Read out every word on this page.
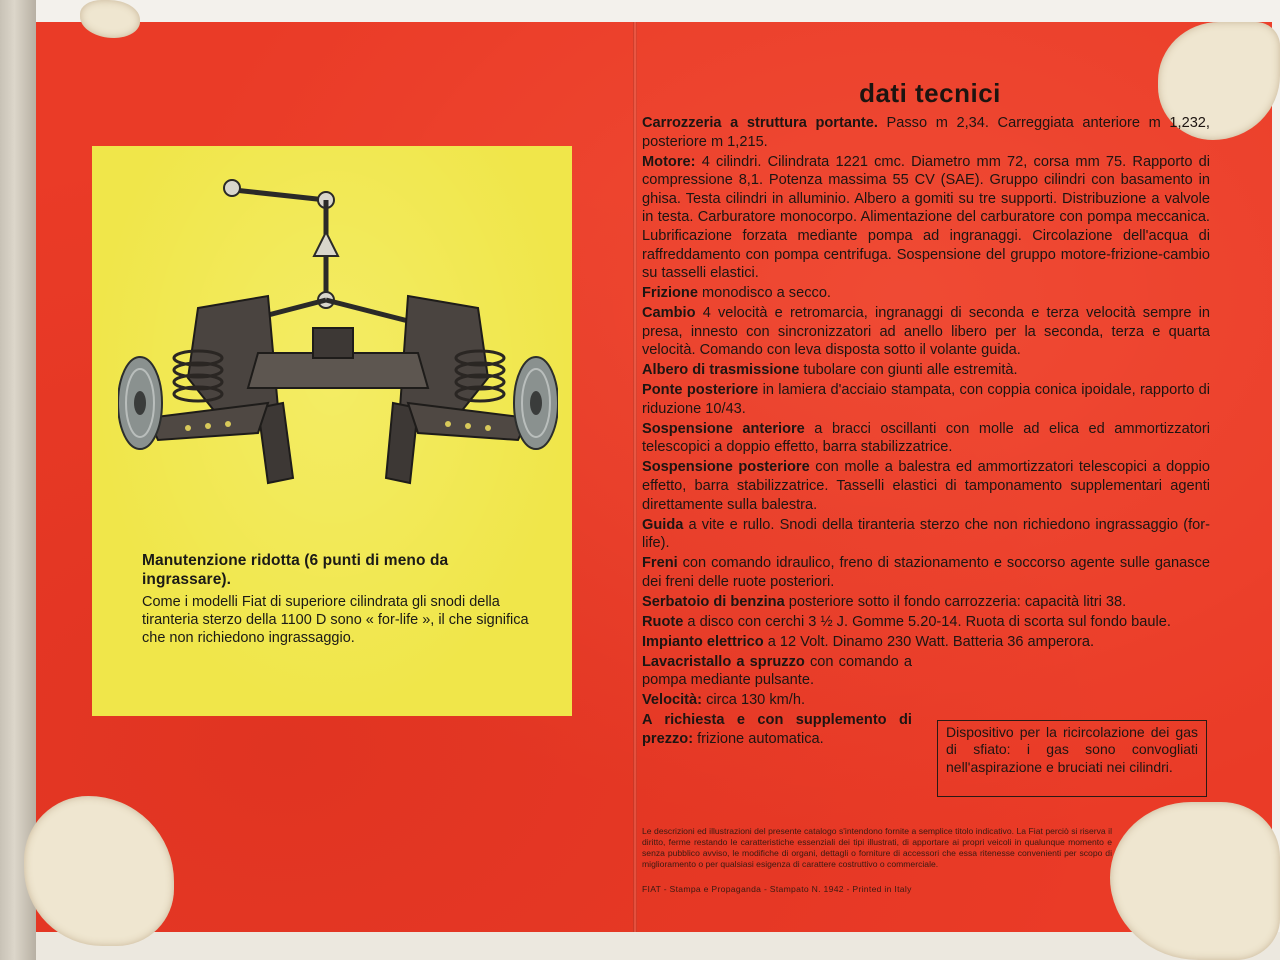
Manutenzione ridotta (6 punti di meno da ingrassare).
Come i modelli Fiat di superiore cilindrata gli snodi della tiranteria sterzo della 1100 D sono « for-life », il che significa che non richiedono ingrassaggio.
dati tecnici

Carrozzeria a struttura portante. Passo m 2,34. Carreggiata anteriore m 1,232, posteriore m 1,215.

Motore: 4 cilindri. Cilindrata 1221 cmc. Diametro mm 72, corsa mm 75. Rapporto di compressione 8,1. Potenza massima 55 CV (SAE). Gruppo cilindri con basamento in ghisa. Testa cilindri in alluminio. Albero a gomiti su tre supporti. Distribuzione a valvole in testa. Carburatore monocorpo. Alimentazione del carburatore con pompa meccanica. Lubrificazione forzata mediante pompa ad ingranaggi. Circolazione dell'acqua di raffreddamento con pompa centrifuga. Sospensione del gruppo motore-frizione-cambio su tasselli elastici.

Frizione monodisco a secco.

Cambio 4 velocità e retromarcia, ingranaggi di seconda e terza velocità sempre in presa, innesto con sincronizzatori ad anello libero per la seconda, terza e quarta velocità. Comando con leva disposta sotto il volante guida.

Albero di trasmissione tubolare con giunti alle estremità.

Ponte posteriore in lamiera d'acciaio stampata, con coppia conica ipoidale, rapporto di riduzione 10/43.

Sospensione anteriore a bracci oscillanti con molle ad elica ed ammortizzatori telescopici a doppio effetto, barra stabilizzatrice.

Sospensione posteriore con molle a balestra ed ammortizzatori telescopici a doppio effetto, barra stabilizzatrice. Tasselli elastici di tamponamento supplementari agenti direttamente sulla balestra.

Guida a vite e rullo. Snodi della tiranteria sterzo che non richiedono ingrassaggio (for-life).

Freni con comando idraulico, freno di stazionamento e soccorso agente sulle ganasce dei freni delle ruote posteriori.

Serbatoio di benzina posteriore sotto il fondo carrozzeria: capacità litri 38.

Ruote a disco con cerchi 3 ½ J. Gomme 5.20-14. Ruota di scorta sul fondo baule.

Impianto elettrico a 12 Volt. Dinamo 230 Watt. Batteria 36 amperora.

Lavacristallo a spruzzo con comando a pompa mediante pulsante.

Velocità: circa 130 km/h.

A richiesta e con supplemento di prezzo: frizione automatica.	Dispositivo per la ricircolazione dei gas di sfiato: i gas sono convogliati nell'aspirazione e bruciati nei cilindri.
Le descrizioni ed illustrazioni del presente catalogo s'intendono fornite a semplice titolo indicativo. La Fiat perciò si riserva il diritto, ferme restando le caratteristiche essenziali dei tipi illustrati, di apportare ai propri veicoli in qualunque momento e senza pubblico avviso, le modifiche di organi, dettagli o forniture di accessori che essa ritenesse convenienti per scopo di miglioramento o per qualsiasi esigenza di carattere costruttivo o commerciale.
FIAT - Stampa e Propaganda - Stampato N. 1942 - Printed in Italy
